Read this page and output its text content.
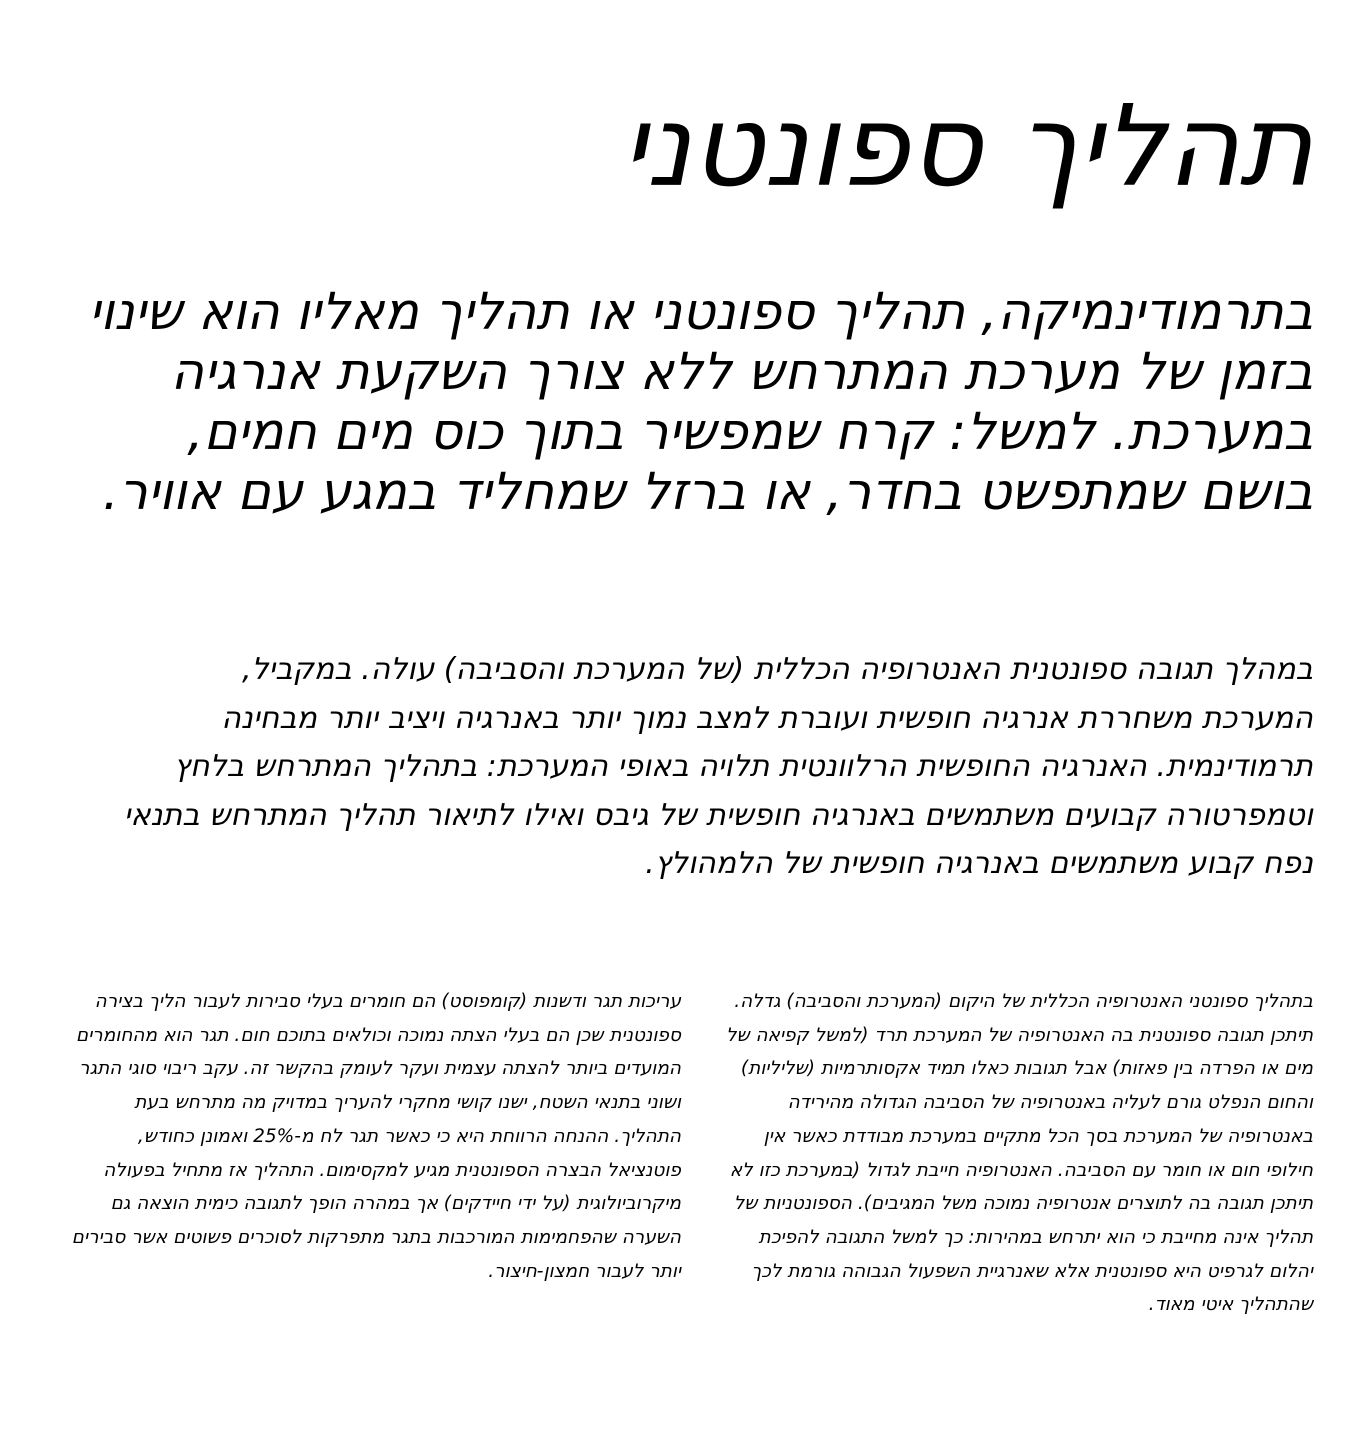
תהליך ספונטני

בתרמודינמיקה, תהליך ספונטני או תהליך מאליו הוא שינוי בזמן של מערכת המתרחש ללא צורך השקעת אנרגיה במערכת. למשל: קרח שמפשיר בתוך כוס מים חמים, בושם שמתפשט בחדר, או ברזל שמחליד במגע עם אוויר.

במהלך תגובה ספונטנית האנטרופיה הכללית (של המערכת והסביבה) עולה. במקביל, המערכת משחררת אנרגיה חופשית ועוברת למצב נמוך יותר באנרגיה ויציב יותר מבחינה תרמודינמית. האנרגיה החופשית הרלוונטית תלויה באופי המערכת: בתהליך המתרחש בלחץ וטמפרטורה קבועים משתמשים באנרגיה חופשית של גיבס ואילו לתיאור תהליך המתרחש בתנאי נפח קבוע משתמשים באנרגיה חופשית של הלמהולץ.

בתהליך ספונטני האנטרופיה הכללית של היקום (המערכת והסביבה) גדלה. תיתכן תגובה ספונטנית בה האנטרופיה של המערכת תרד (למשל קפיאה של מים או הפרדה בין פאזות) אבל תגובות כאלו תמיד אקסותרמיות (שליליות) והחום הנפלט גורם לעליה באנטרופיה של הסביבה הגדולה מהירידה באנטרופיה של המערכת בסך הכל מתקיים במערכת מבודדת כאשר אין חילופי חום או חומר עם הסביבה. האנטרופיה חייבת לגדול (במערכת כזו לא תיתכן תגובה בה לתוצרים אנטרופיה נמוכה משל המגיבים). הספונטניות של תהליך אינה מחייבת כי הוא יתרחש במהירות: כך למשל התגובה להפיכת יהלום לגרפיט היא ספונטנית אלא שאנרגיית השפעול הגבוהה גורמת לכך שהתהליך איטי מאוד.

עריכות תגר ודשנות (קומפוסט) הם חומרים בעלי סבירות לעבור הליך בצירה ספונטנית שכן הם בעלי הצתה נמוכה וכולאים בתוכם חום. תגר הוא מהחומרים המועדים ביותר להצתה עצמית ועקר לעומק בהקשר זה. עקב ריבוי סוגי התגר ושוני בתנאי השטח, ישנו קושי מחקרי להעריך במדויק מה מתרחש בעת התהליך. ההנחה הרווחת היא כי כאשר תגר לח מ-25% ואמונן כחודש, פוטנציאל הבצרה הספונטנית מגיע למקסימום. התהליך אז מתחיל בפעולה מיקרוביולוגית (על ידי חיידקים) אך במהרה הופך לתגובה כימית הוצאה גם השערה שהפחמימות המורכבות בתגר מתפרקות לסוכרים פשוטים אשר סבירים יותר לעבור חמצון-חיצור.
